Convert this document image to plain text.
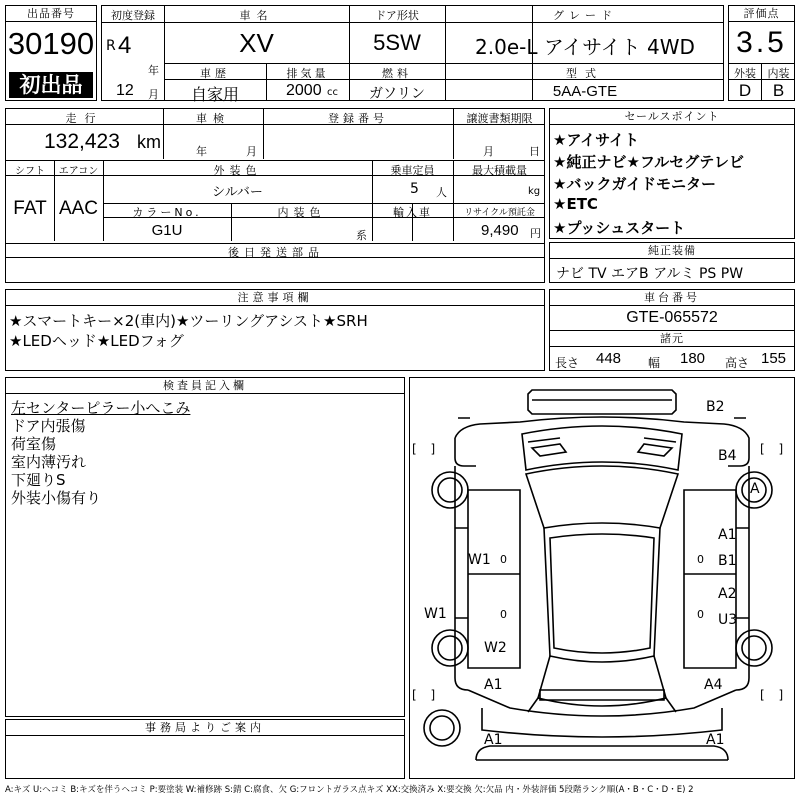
出品番号
30190
初出品
初度登録
R 4
年
12 月
車名
XV
車歴
自家用
排気量
2000 cc
ドア形状
5SW
燃料
ガソリン
グレード
2.0e-L アイサイト 4WD
型式
5AA-GTE
評価点
3.5
外装	内装
D	B
走行
132,423 km
車検
年	月
登録番号	譲渡書類期限
月	日
シフト
FAT
エアコン
AAC
外装色
シルバー
乗車定員
5 人
最大積載量
kg
カラーNo.
G1U
内装色
系
輸入車	リサイクル預託金
9,490 円
後日発送部品
セールスポイント
★アイサイト
★純正ナビ★フルセグテレビ
★バックガイドモニター
★ETC
★プッシュスタート
純正装備
ナビ TV エアB アルミ PS PW
注意事項欄
★スマートキー×2(車内)★ツーリングアシスト★SRH
★LEDヘッド★LEDフォグ
車台番号
GTE-065572
諸元
長さ 448 幅 180 高さ 155
検査員記入欄
左センターピラー小へこみ
ドア内張傷
荷室傷
室内薄汚れ
下廻りS
外装小傷有り
事務局よりご案内
B2
B4
A
A1
B1
A2
U3
W1
W1
W2
A1	A4
A1	A1
[ ]	[ ]
[ ]
[ ]
0
0
0
0
A:キズ U:ヘコミ B:キズを伴うヘコミ P:要塗装 W:補修跡 S:錆 C:腐食、欠 G:フロントガラス点キズ XX:交換済み X:要交換 欠:欠品 内・外装評価 5段階ランク順(A・B・C・D・E) 2
